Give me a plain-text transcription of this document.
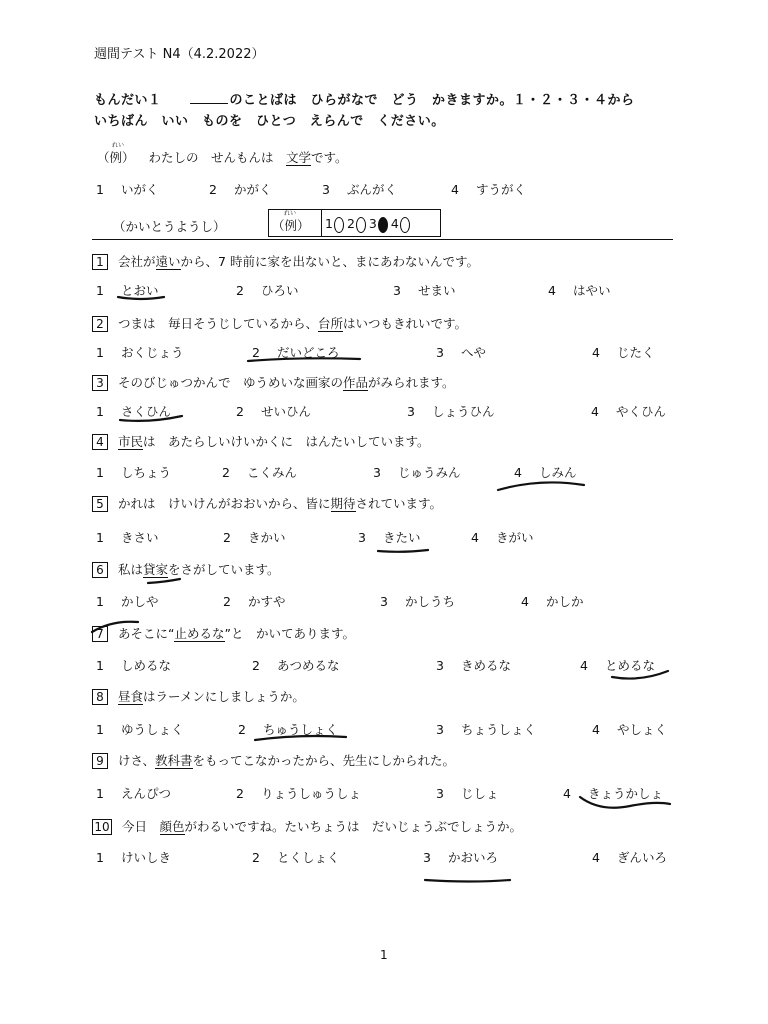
週間テスト N4（4.2.2022）
もんだい１	のことばは　ひらがなで　どう　かきますか。１・２・３・４から
いちばん　いい　ものを　ひとつ　えらんで　ください。
れい
（例） わたしの　せんもんは　文学です。
1 いがく	2 かがく	3 ぶんがく	4 すうがく
（かいとうようし）
れい
（例） 1 2 3 4
1 会社が遠いから、7 時前に家を出ないと、まにあわないんです。
1 とおい	2 ひろい	3 せまい	4 はやい
2 つまは　毎日そうじしているから、台所はいつもきれいです。
1 おくじょう	2 だいどころ	3 へや	4 じたく
3 そのびじゅつかんで　ゆうめいな画家の作品がみられます。
1 さくひん	2 せいひん	3 しょうひん	4 やくひん
4 市民は　あたらしいけいかくに　はんたいしています。
1 しちょう	2 こくみん	3 じゅうみん	4 しみん
5 かれは　けいけんがおおいから、皆に期待されています。
1 きさい	2 きかい	3 きたい	4 きがい
6 私は貸家をさがしています。
1 かしや	2 かすや	3 かしうち	4 かしか
7 あそこに“止めるな”と　かいてあります。
1 しめるな	2 あつめるな	3 きめるな	4 とめるな
8 昼食はラーメンにしましょうか。
1 ゆうしょく	2 ちゅうしょく	3 ちょうしょく	4 やしょく
9 けさ、教科書をもってこなかったから、先生にしかられた。
1 えんぴつ	2 りょうしゅうしょ	3 じしょ	4 きょうかしょ
10 今日　顔色がわるいですね。たいちょうは　だいじょうぶでしょうか。
1 けいしき	2 とくしょく	3 かおいろ	4 ぎんいろ
1
